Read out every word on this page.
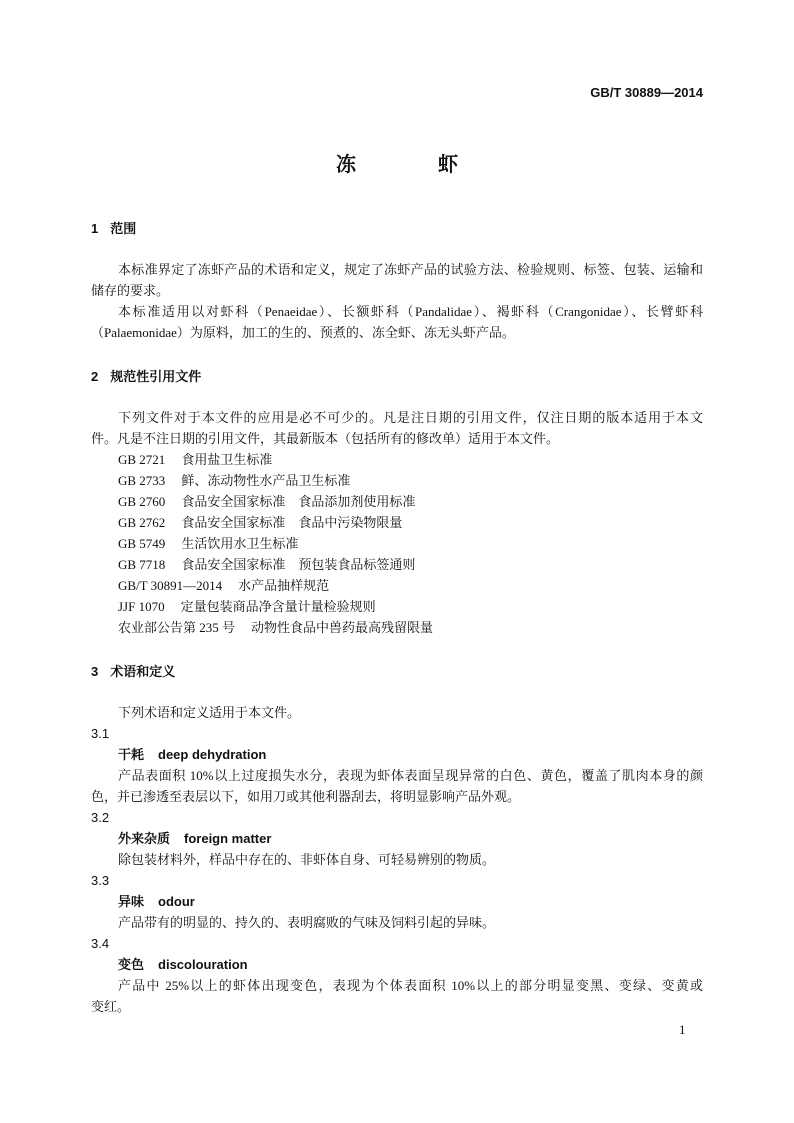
GB/T 30889—2014
冻虾
1 范围
本标准界定了冻虾产品的术语和定义，规定了冻虾产品的试验方法、检验规则、标签、包装、运输和
储存的要求。
本标准适用以对虾科（Penaeidae）、长额虾科（Pandalidae）、褐虾科（Crangonidae）、长臂虾科
（Palaemonidae）为原料，加工的生的、预煮的、冻全虾、冻无头虾产品。
2 规范性引用文件
下列文件对于本文件的应用是必不可少的。凡是注日期的引用文件，仅注日期的版本适用于本文
件。凡是不注日期的引用文件，其最新版本（包括所有的修改单）适用于本文件。
GB 2721 食用盐卫生标准
GB 2733 鲜、冻动物性水产品卫生标准
GB 2760 食品安全国家标准　食品添加剂使用标准
GB 2762 食品安全国家标准　食品中污染物限量
GB 5749 生活饮用水卫生标准
GB 7718 食品安全国家标准　预包装食品标签通则
GB/T 30891—2014 水产品抽样规范
JJF 1070 定量包装商品净含量计量检验规则
农业部公告第 235 号 动物性食品中兽药最高残留限量
3 术语和定义
下列术语和定义适用于本文件。
3.1
干耗 deep dehydration
产品表面积 10%以上过度损失水分，表现为虾体表面呈现异常的白色、黄色，覆盖了肌肉本身的颜
色，并已渗透至表层以下，如用刀或其他利器刮去，将明显影响产品外观。
3.2
外来杂质 foreign matter
除包装材料外，样品中存在的、非虾体自身、可轻易辨别的物质。
3.3
异味 odour
产品带有的明显的、持久的、表明腐败的气味及饲料引起的异味。
3.4
变色 discolouration
产品中 25%以上的虾体出现变色，表现为个体表面积 10%以上的部分明显变黑、变绿、变黄或
变红。
1
